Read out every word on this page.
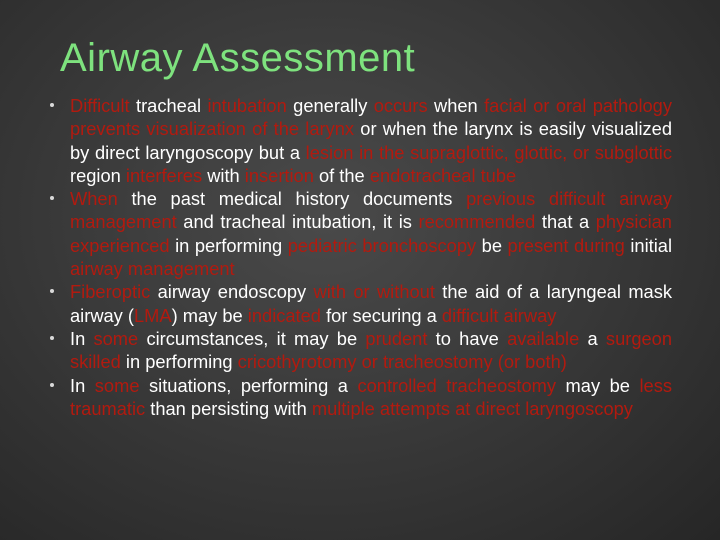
Airway Assessment
Difficult tracheal intubation generally occurs when facial or oral pathology prevents visualization of the larynx or when the larynx is easily visualized by direct laryngoscopy but a lesion in the supraglottic, glottic, or subglottic region interferes with insertion of the endotracheal tube
When the past medical history documents previous difficult airway management and tracheal intubation, it is recommended that a physician experienced in performing pediatric bronchoscopy be present during initial airway management
Fiberoptic airway endoscopy with or without the aid of a laryngeal mask airway (LMA) may be indicated for securing a difficult airway
In some circumstances, it may be prudent to have available a surgeon skilled in performing cricothyrotomy or tracheostomy (or both)
In some situations, performing a controlled tracheostomy may be less traumatic than persisting with multiple attempts at direct laryngoscopy
